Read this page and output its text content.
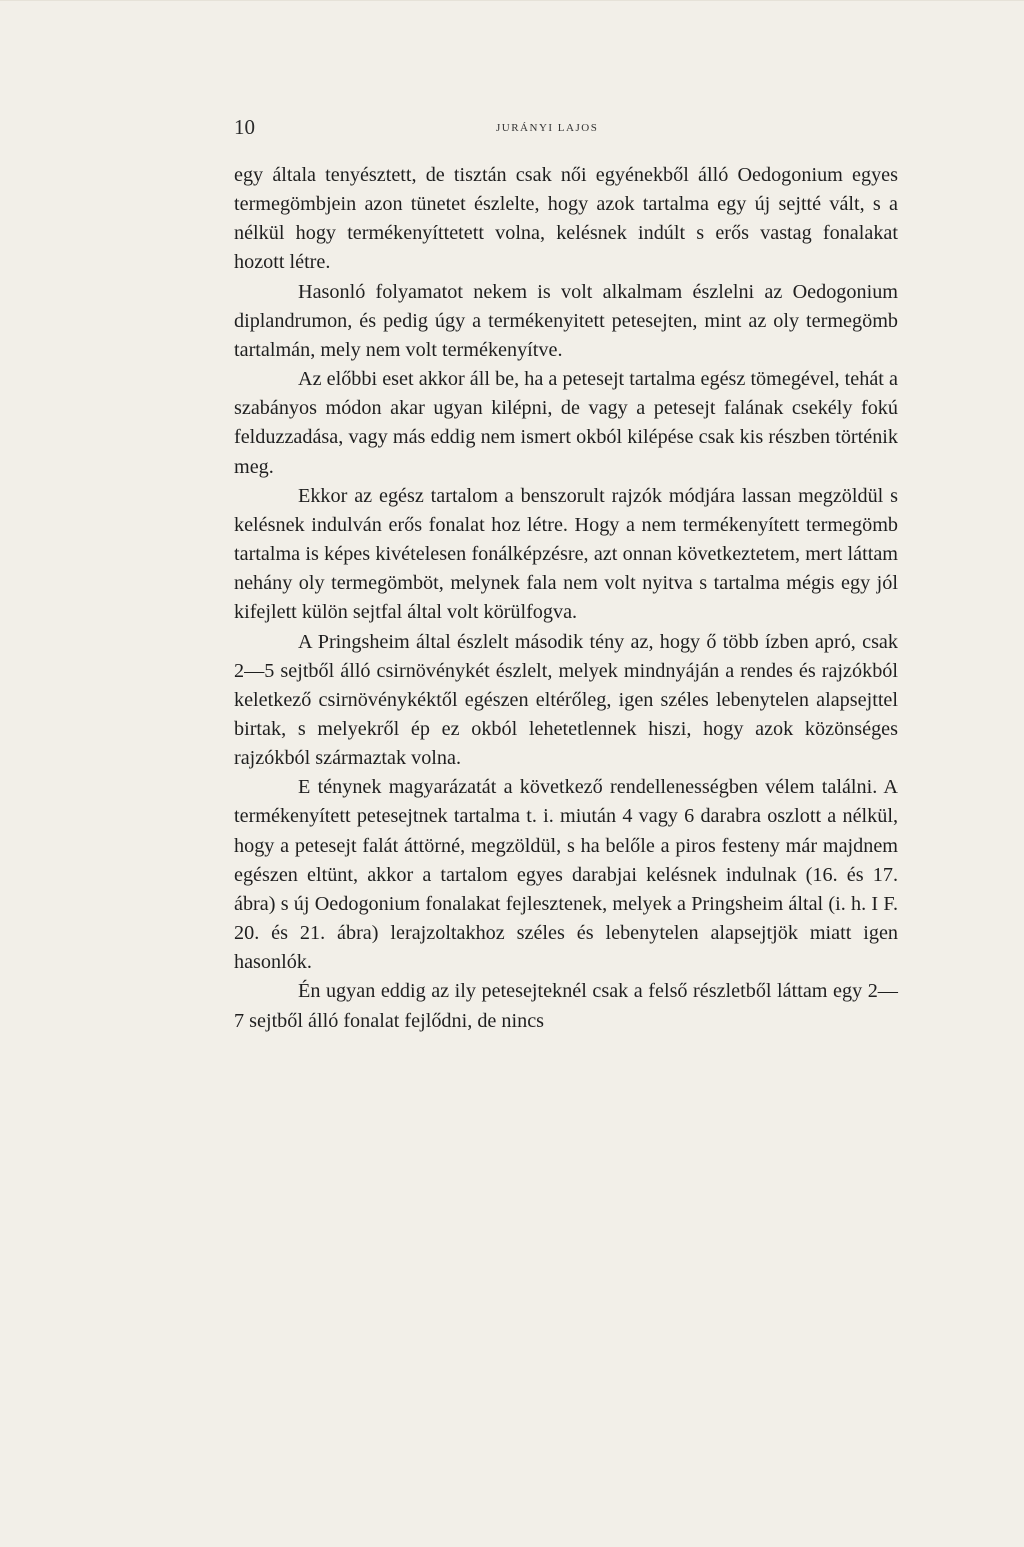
10	JURÁNYI LAJOS

egy általa tenyésztett, de tisztán csak női egyénekből álló Oedogonium egyes termegömbjein azon tünetet észlelte, hogy azok tartalma egy új sejtté vált, s a nélkül hogy termékenyíttetett volna, kelésnek indúlt s erős vastag fonalakat hozott létre.

Hasonló folyamatot nekem is volt alkalmam észlelni az Oedogonium diplandrumon, és pedig úgy a termékenyitett petesejten, mint az oly termegömb tartalmán, mely nem volt termékenyítve.

Az előbbi eset akkor áll be, ha a petesejt tartalma egész tömegével, tehát a szabányos módon akar ugyan kilépni, de vagy a petesejt falának csekély fokú felduzzadása, vagy más eddig nem ismert okból kilépése csak kis részben történik meg.

Ekkor az egész tartalom a benszorult rajzók módjára lassan megzöldül s kelésnek indulván erős fonalat hoz létre. Hogy a nem termékenyített termegömb tartalma is képes kivételesen fonálképzésre, azt onnan következtetem, mert láttam nehány oly termegömböt, melynek fala nem volt nyitva s tartalma mégis egy jól kifejlett külön sejtfal által volt körülfogva.

A Pringsheim által észlelt második tény az, hogy ő több ízben apró, csak 2—5 sejtből álló csirnövénykét észlelt, melyek mindnyáján a rendes és rajzókból keletkező csirnövénykéktől egészen eltérőleg, igen széles lebenytelen alapsejttel birtak, s melyekről ép ez okból lehetetlennek hiszi, hogy azok közönséges rajzókból származtak volna.

E ténynek magyarázatát a következő rendellenességben vélem találni. A termékenyített petesejtnek tartalma t. i. miután 4 vagy 6 darabra oszlott a nélkül, hogy a petesejt falát áttörné, megzöldül, s ha belőle a piros festeny már majdnem egészen eltünt, akkor a tartalom egyes darabjai kelésnek indulnak (16. és 17. ábra) s új Oedogonium fonalakat fejlesztenek, melyek a Pringsheim által (i. h. I F. 20. és 21. ábra) lerajzoltakhoz széles és lebenytelen alapsejtjök miatt igen hasonlók.

Én ugyan eddig az ily petesejteknél csak a felső részletből láttam egy 2—7 sejtből álló fonalat fejlődni, de nincs
